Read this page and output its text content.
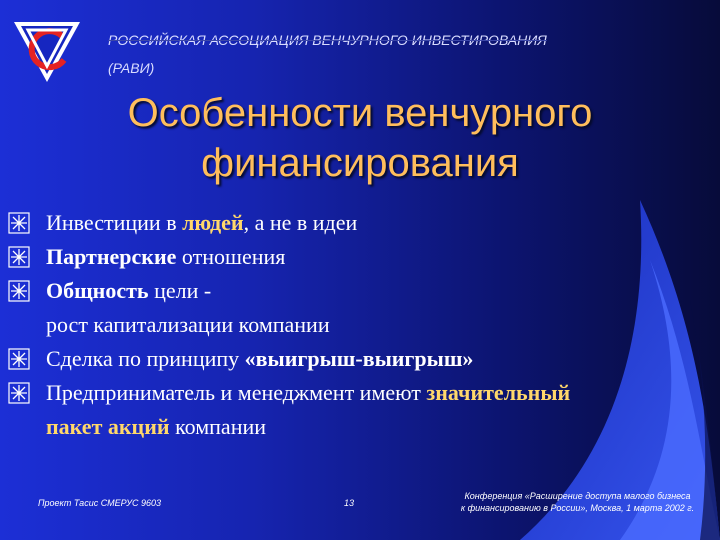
РОССИЙСКАЯ АССОЦИАЦИЯ ВЕНЧУРНОГО ИНВЕСТИРОВАНИЯ
(РАВИ)
Особенности венчурного
финансирования
Инвестиции в людей, а не в идеи
Партнерские отношения
Общность цели -
рост капитализации компании
Сделка по принципу «выигрыш-выигрыш»
Предприниматель и менеджмент имеют значительный
пакет акций компании
Проект Тасис СМЕРУС 9603	13
Конференция «Расширение доступа малого бизнеса
к финансированию в России», Москва, 1 марта 2002 г.
